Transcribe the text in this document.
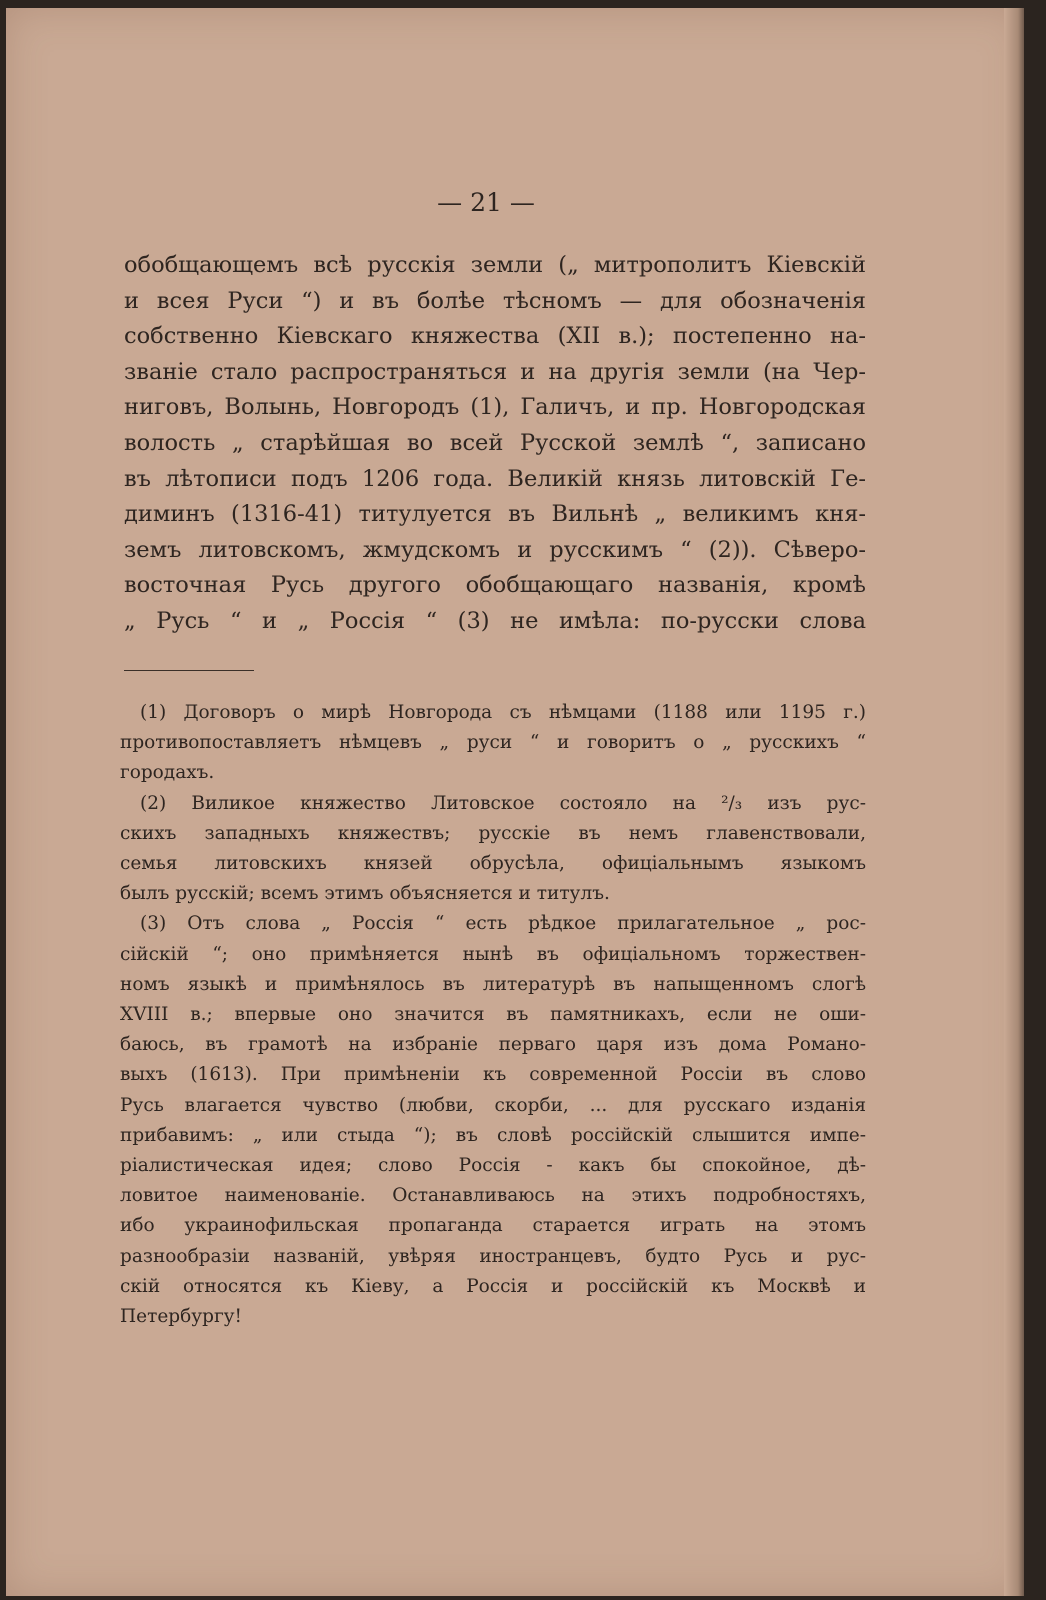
— 21 —
обобщающемъ всѣ русскія земли („ митрополитъ Кіевскій
и всея Руси “) и въ болѣе тѣсномъ — для обозначенія
собственно Кіевскаго княжества (XII в.); постепенно на-
званіе стало распространяться и на другія земли (на Чер-
ниговъ, Волынь, Новгородъ (1), Галичъ, и пр. Новгородская
волость „ старѣйшая во всей Русской землѣ “, записано
въ лѣтописи подъ 1206 года. Великій князь литовскій Ге-
диминъ (1316-41) титулуется въ Вильнѣ „ великимъ кня-
земъ литовскомъ, жмудскомъ и русскимъ “ (2)). Сѣверо-
восточная Русь другого обобщающаго названія, кромѣ
„ Русь “ и „ Россія “ (3) не имѣла: по-русски слова
(1) Договоръ о мирѣ Новгорода съ нѣмцами (1188 или 1195 г.)
противопоставляетъ нѣмцевъ „ руси “ и говоритъ о „ русскихъ “
городахъ.
(2) Виликое княжество Литовское состояло на ²/₃ изъ рус-
скихъ западныхъ княжествъ; русскіе въ немъ главенствовали,
семья литовскихъ князей обрусѣла, офиціальнымъ языкомъ
былъ русскій; всемъ этимъ объясняется и титулъ.
(3) Отъ слова „ Россія “ есть рѣдкое прилагательное „ рос-
сійскій “; оно примѣняется нынѣ въ офиціальномъ торжествен-
номъ языкѣ и примѣнялось въ литературѣ въ напыщенномъ слогѣ
XVIII в.; впервые оно значится въ памятникахъ, если не оши-
баюсь, въ грамотѣ на избраніе перваго царя изъ дома Романо-
выхъ (1613). При примѣненіи къ современной Россіи въ слово
Русь влагается чувство (любви, скорби, ... для русскаго изданія
прибавимъ: „ или стыда “); въ словѣ россійскій слышится импе-
ріалистическая идея; слово Россія - какъ бы спокойное, дѣ-
ловитое наименованіе. Останавливаюсь на этихъ подробностяхъ,
ибо украинофильская пропаганда старается играть на этомъ
разнообразіи названій, увѣряя иностранцевъ, будто Русь и рус-
скій относятся къ Кіеву, а Россія и россійскій къ Москвѣ и
Петербургу!
